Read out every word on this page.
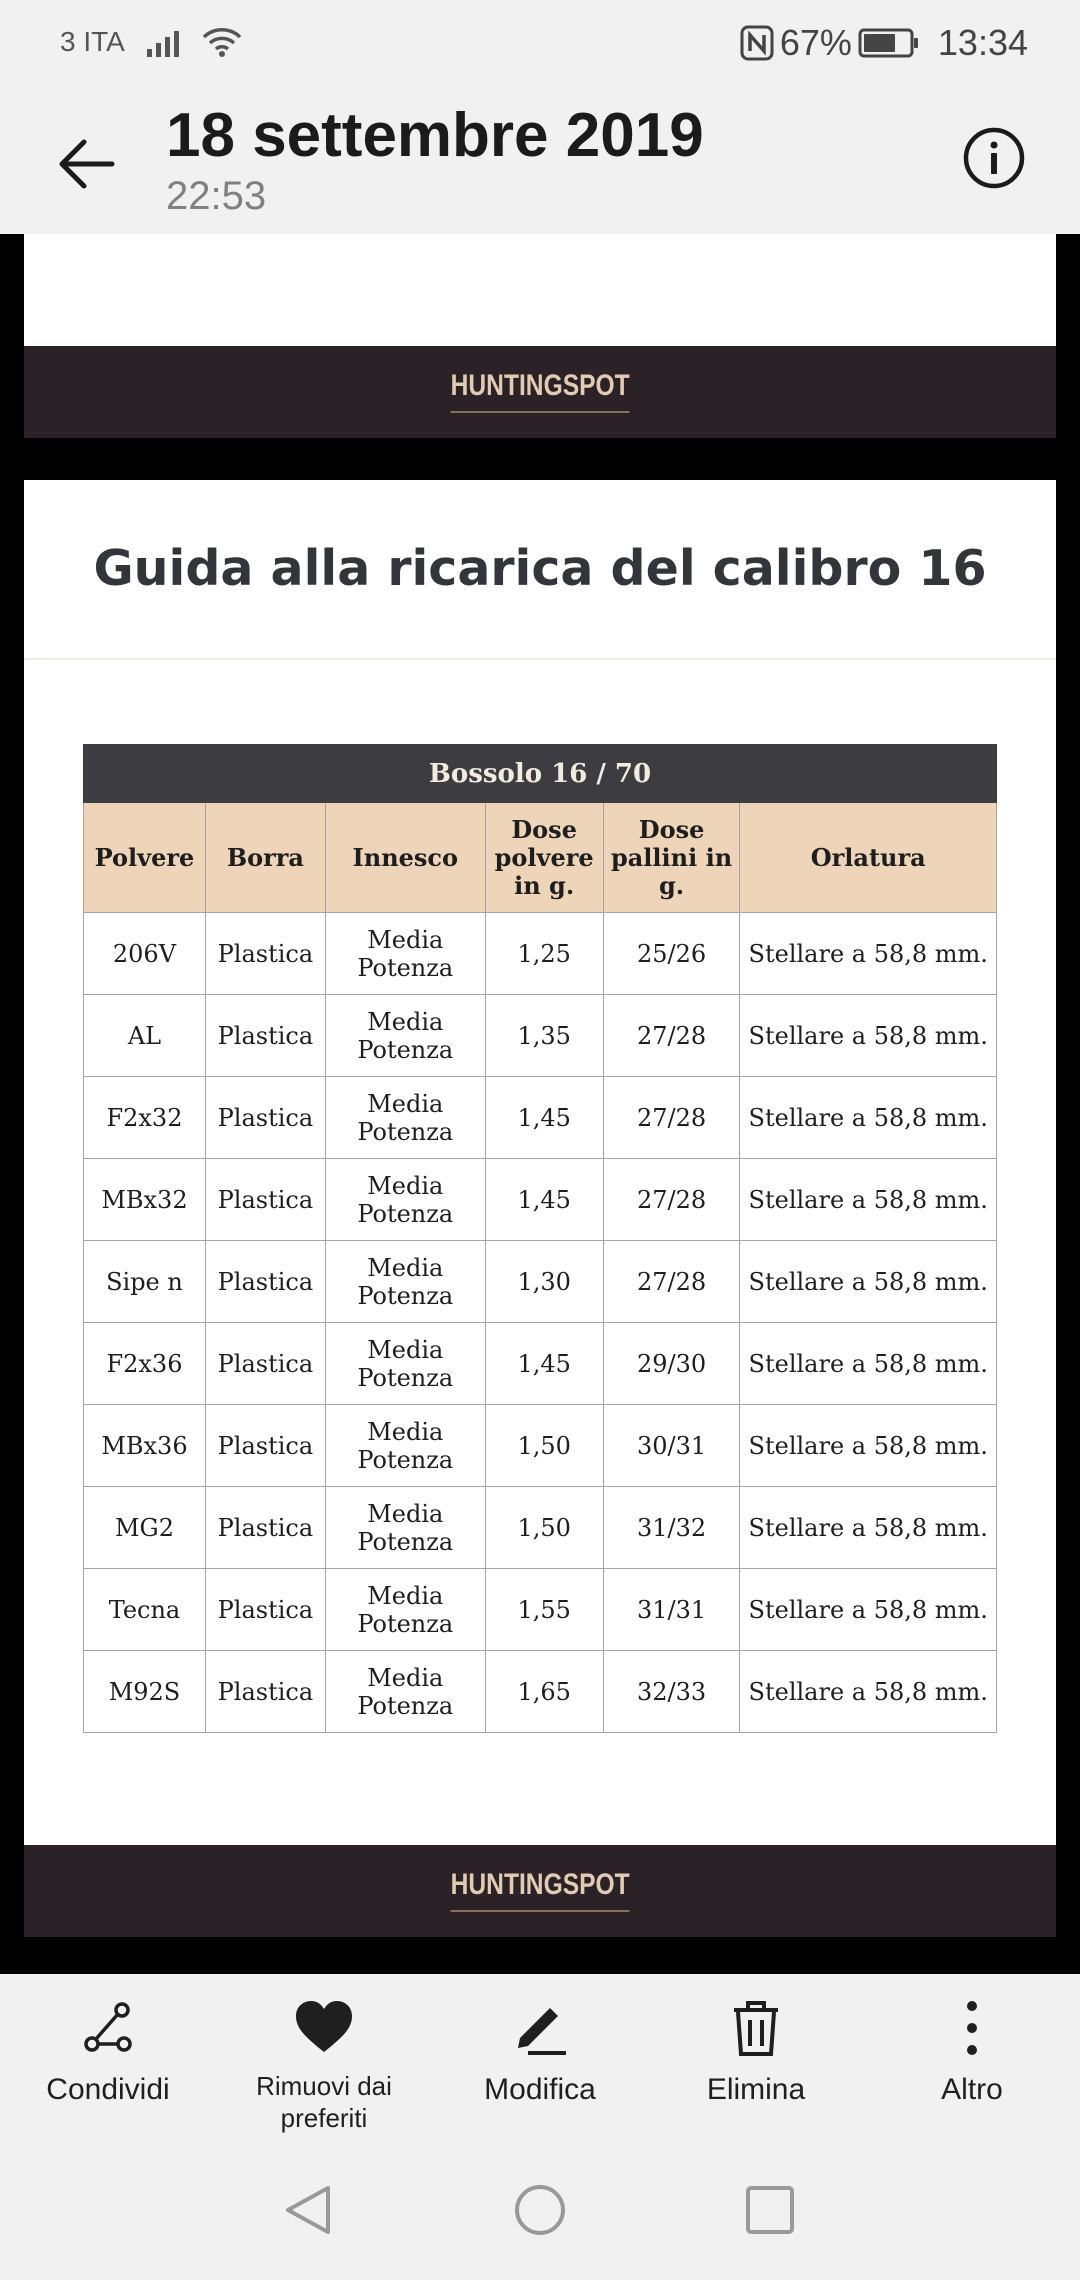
3 ITA	67% 13:34
18 settembre 2019
22:53
HUNTINGSPOT
Guida alla ricarica del calibro 16
Bossolo 16 / 70					
Polvere	Borra	Innesco	Dose polvere in g.	Dose pallini in g.	Orlatura
206V	Plastica	Media Potenza	1,25	25/26	Stellare a 58,8 mm.
AL	Plastica	Media Potenza	1,35	27/28	Stellare a 58,8 mm.
F2x32	Plastica	Media Potenza	1,45	27/28	Stellare a 58,8 mm.
MBx32	Plastica	Media Potenza	1,45	27/28	Stellare a 58,8 mm.
Sipe n	Plastica	Media Potenza	1,30	27/28	Stellare a 58,8 mm.
F2x36	Plastica	Media Potenza	1,45	29/30	Stellare a 58,8 mm.
MBx36	Plastica	Media Potenza	1,50	30/31	Stellare a 58,8 mm.
MG2	Plastica	Media Potenza	1,50	31/32	Stellare a 58,8 mm.
Tecna	Plastica	Media Potenza	1,55	31/31	Stellare a 58,8 mm.
M92S	Plastica	Media Potenza	1,65	32/33	Stellare a 58,8 mm.
HUNTINGSPOT
Condividi	Rimuovi dai preferiti
Modifica	Elimina	Altro
